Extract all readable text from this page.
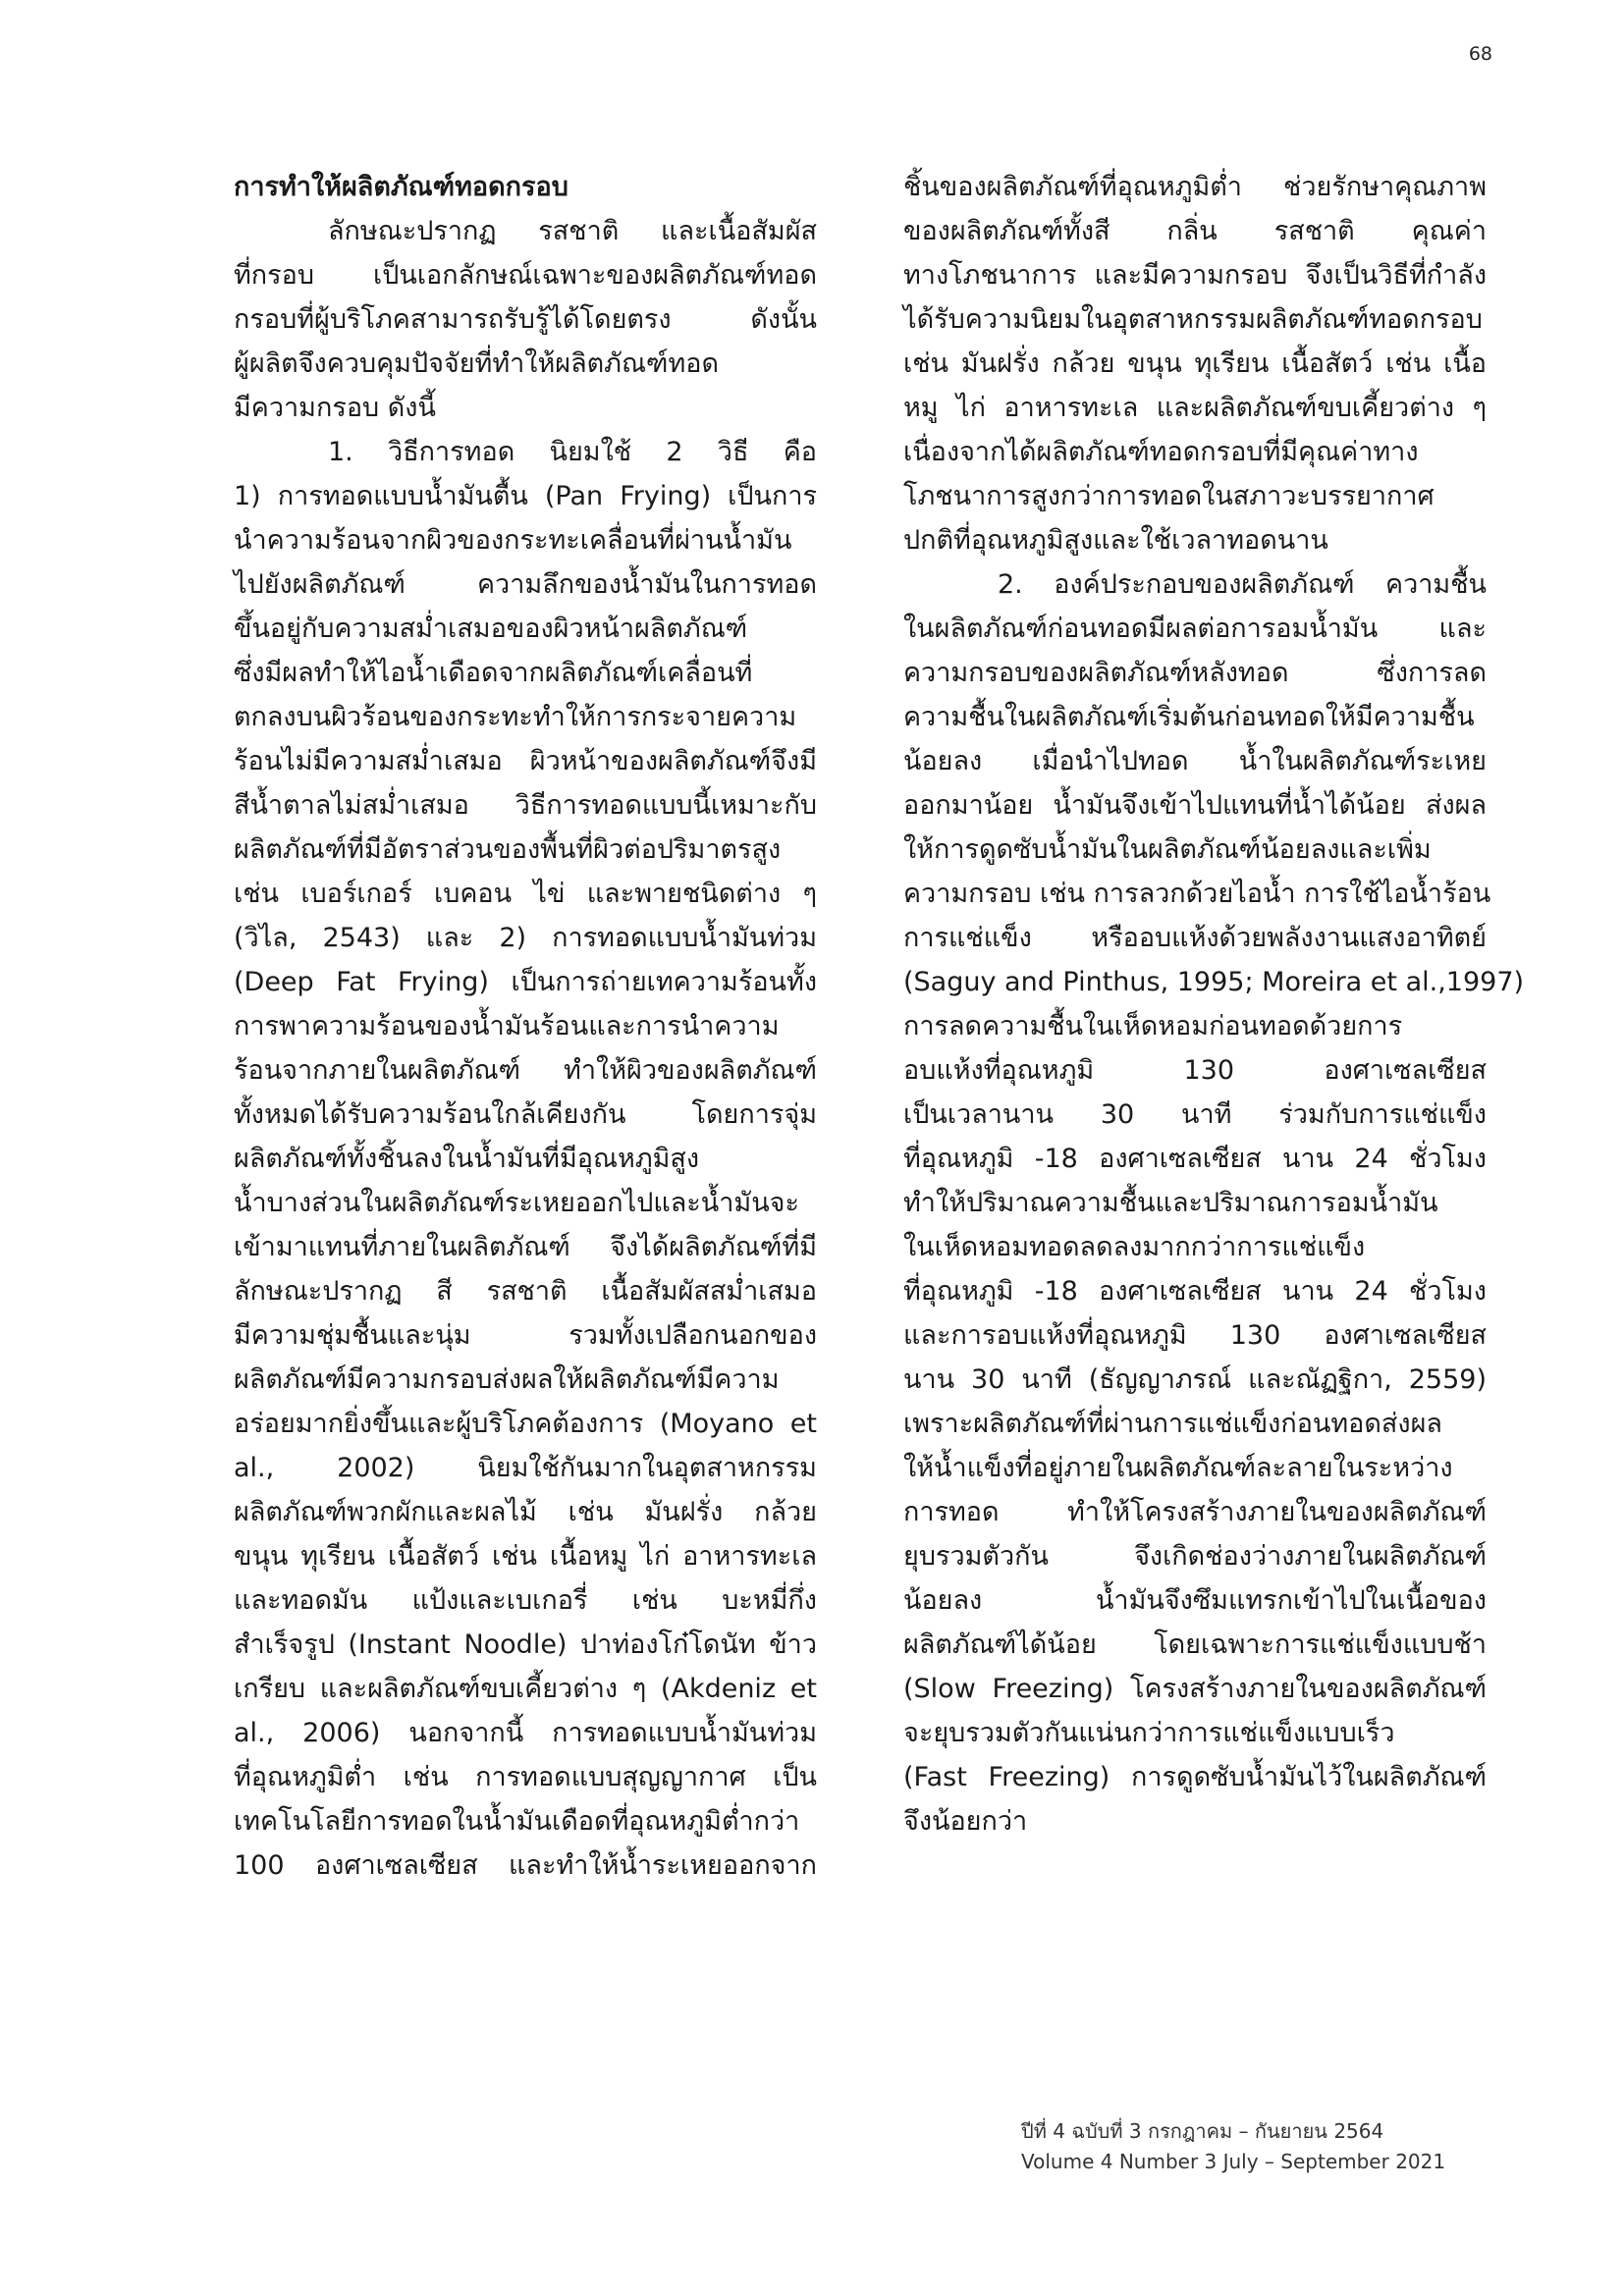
68
การทำให้ผลิตภัณฑ์ทอดกรอบ
ลักษณะปรากฏ รสชาติ และเนื้อสัมผัส
ที่กรอบ เป็นเอกลักษณ์เฉพาะของผลิตภัณฑ์ทอด
กรอบที่ผู้บริโภคสามารถรับรู้ได้โดยตรง ดังนั้น
ผู้ผลิตจึงควบคุมปัจจัยที่ทำให้ผลิตภัณฑ์ทอด
มีความกรอบ ดังนี้
1. วิธีการทอด นิยมใช้ 2 วิธี คือ
1) การทอดแบบน้ำมันตื้น (Pan Frying) เป็นการ
นำความร้อนจากผิวของกระทะเคลื่อนที่ผ่านน้ำมัน
ไปยังผลิตภัณฑ์ ความลึกของน้ำมันในการทอด
ขึ้นอยู่กับความสม่ำเสมอของผิวหน้าผลิตภัณฑ์
ซึ่งมีผลทำให้ไอน้ำเดือดจากผลิตภัณฑ์เคลื่อนที่
ตกลงบนผิวร้อนของกระทะทำให้การกระจายความ
ร้อนไม่มีความสม่ำเสมอ ผิวหน้าของผลิตภัณฑ์จึงมี
สีน้ำตาลไม่สม่ำเสมอ วิธีการทอดแบบนี้เหมาะกับ
ผลิตภัณฑ์ที่มีอัตราส่วนของพื้นที่ผิวต่อปริมาตรสูง
เช่น เบอร์เกอร์ เบคอน ไข่ และพายชนิดต่าง ๆ
(วิไล, 2543) และ 2) การทอดแบบน้ำมันท่วม
(Deep Fat Frying) เป็นการถ่ายเทความร้อนทั้ง
การพาความร้อนของน้ำมันร้อนและการนำความ
ร้อนจากภายในผลิตภัณฑ์ ทำให้ผิวของผลิตภัณฑ์
ทั้งหมดได้รับความร้อนใกล้เคียงกัน โดยการจุ่ม
ผลิตภัณฑ์ทั้งชิ้นลงในน้ำมันที่มีอุณหภูมิสูง
น้ำบางส่วนในผลิตภัณฑ์ระเหยออกไปและน้ำมันจะ
เข้ามาแทนที่ภายในผลิตภัณฑ์ จึงได้ผลิตภัณฑ์ที่มี
ลักษณะปรากฏ สี รสชาติ เนื้อสัมผัสสม่ำเสมอ
มีความชุ่มชื้นและนุ่ม รวมทั้งเปลือกนอกของ
ผลิตภัณฑ์มีความกรอบส่งผลให้ผลิตภัณฑ์มีความ
อร่อยมากยิ่งขึ้นและผู้บริโภคต้องการ (Moyano et
al., 2002) นิยมใช้กันมากในอุตสาหกรรม
ผลิตภัณฑ์พวกผักและผลไม้ เช่น มันฝรั่ง กล้วย
ขนุน ทุเรียน เนื้อสัตว์ เช่น เนื้อหมู ไก่ อาหารทะเล
และทอดมัน แป้งและเบเกอรี่ เช่น บะหมี่กึ่ง
สำเร็จรูป (Instant Noodle) ปาท่องโก๋โดนัท ข้าว
เกรียบ และผลิตภัณฑ์ขบเคี้ยวต่าง ๆ (Akdeniz et
al., 2006) นอกจากนี้ การทอดแบบน้ำมันท่วม
ที่อุณหภูมิต่ำ เช่น การทอดแบบสุญญากาศ เป็น
เทคโนโลยีการทอดในน้ำมันเดือดที่อุณหภูมิต่ำกว่า
100 องศาเซลเซียส และทำให้น้ำระเหยออกจาก
ชิ้นของผลิตภัณฑ์ที่อุณหภูมิต่ำ ช่วยรักษาคุณภาพ
ของผลิตภัณฑ์ทั้งสี กลิ่น รสชาติ คุณค่า
ทางโภชนาการ และมีความกรอบ จึงเป็นวิธีที่กำลัง
ได้รับความนิยมในอุตสาหกรรมผลิตภัณฑ์ทอดกรอบ
เช่น มันฝรั่ง กล้วย ขนุน ทุเรียน เนื้อสัตว์ เช่น เนื้อ
หมู ไก่ อาหารทะเล และผลิตภัณฑ์ขบเคี้ยวต่าง ๆ
เนื่องจากได้ผลิตภัณฑ์ทอดกรอบที่มีคุณค่าทาง
โภชนาการสูงกว่าการทอดในสภาวะบรรยากาศ
ปกติที่อุณหภูมิสูงและใช้เวลาทอดนาน
2. องค์ประกอบของผลิตภัณฑ์ ความชื้น
ในผลิตภัณฑ์ก่อนทอดมีผลต่อการอมน้ำมัน และ
ความกรอบของผลิตภัณฑ์หลังทอด ซึ่งการลด
ความชื้นในผลิตภัณฑ์เริ่มต้นก่อนทอดให้มีความชื้น
น้อยลง เมื่อนำไปทอด น้ำในผลิตภัณฑ์ระเหย
ออกมาน้อย น้ำมันจึงเข้าไปแทนที่น้ำได้น้อย ส่งผล
ให้การดูดซับน้ำมันในผลิตภัณฑ์น้อยลงและเพิ่ม
ความกรอบ เช่น การลวกด้วยไอน้ำ การใช้ไอน้ำร้อน
การแช่แข็ง หรืออบแห้งด้วยพลังงานแสงอาทิตย์
(Saguy and Pinthus, 1995; Moreira et al.,1997)
การลดความชื้นในเห็ดหอมก่อนทอดด้วยการ
อบแห้งที่อุณหภูมิ 130 องศาเซลเซียส
เป็นเวลานาน 30 นาที ร่วมกับการแช่แข็ง
ที่อุณหภูมิ -18 องศาเซลเซียส นาน 24 ชั่วโมง
ทำให้ปริมาณความชื้นและปริมาณการอมน้ำมัน
ในเห็ดหอมทอดลดลงมากกว่าการแช่แข็ง
ที่อุณหภูมิ -18 องศาเซลเซียส นาน 24 ชั่วโมง
และการอบแห้งที่อุณหภูมิ 130 องศาเซลเซียส
นาน 30 นาที (ธัญญาภรณ์ และณัฏฐิกา, 2559)
เพราะผลิตภัณฑ์ที่ผ่านการแช่แข็งก่อนทอดส่งผล
ให้น้ำแข็งที่อยู่ภายในผลิตภัณฑ์ละลายในระหว่าง
การทอด ทำให้โครงสร้างภายในของผลิตภัณฑ์
ยุบรวมตัวกัน จึงเกิดช่องว่างภายในผลิตภัณฑ์
น้อยลง น้ำมันจึงซึมแทรกเข้าไปในเนื้อของ
ผลิตภัณฑ์ได้น้อย โดยเฉพาะการแช่แข็งแบบช้า
(Slow Freezing) โครงสร้างภายในของผลิตภัณฑ์
จะยุบรวมตัวกันแน่นกว่าการแช่แข็งแบบเร็ว
(Fast Freezing) การดูดซับน้ำมันไว้ในผลิตภัณฑ์
จึงน้อยกว่า
ปีที่ 4 ฉบับที่ 3 กรกฎาคม – กันยายน 2564
Volume 4 Number 3 July – September 2021
